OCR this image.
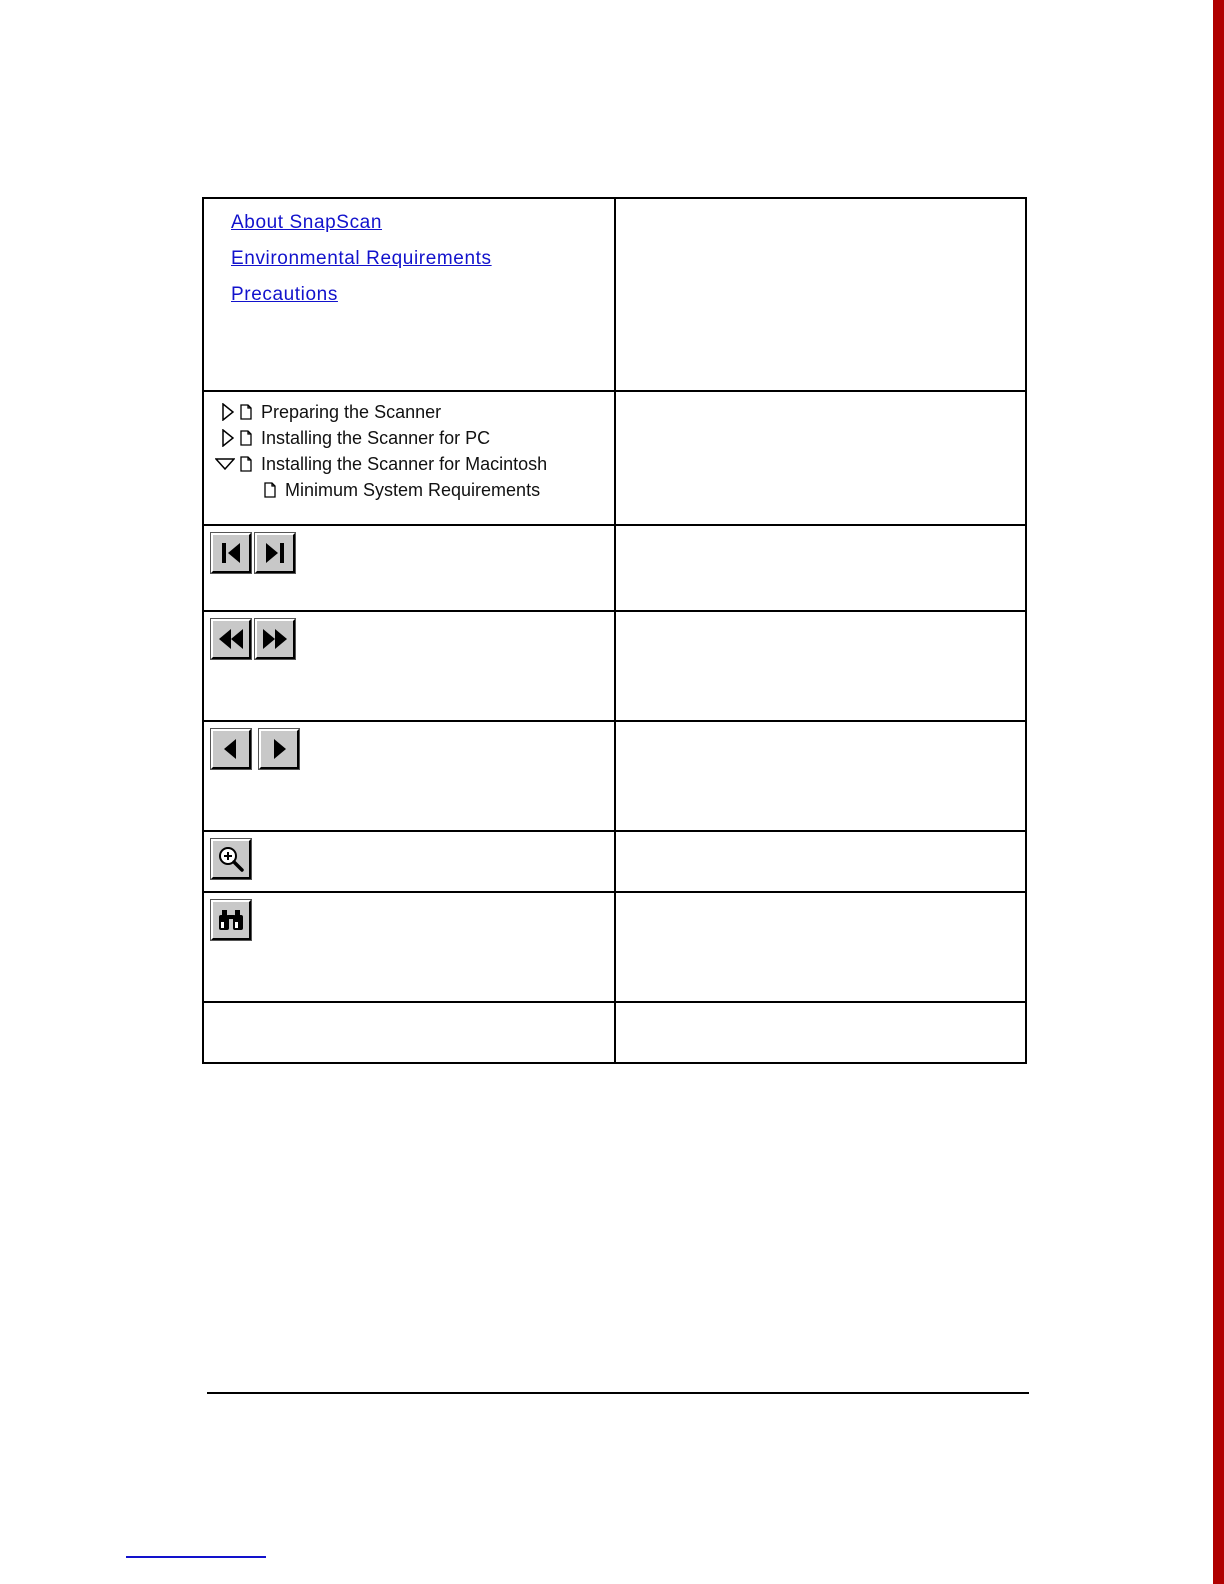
About SnapScan
Environmental Requirements
Precautions	

Preparing the Scanner
Installing the Scanner for PC
Installing the Scanner for Macintosh
Minimum System Requirements	
